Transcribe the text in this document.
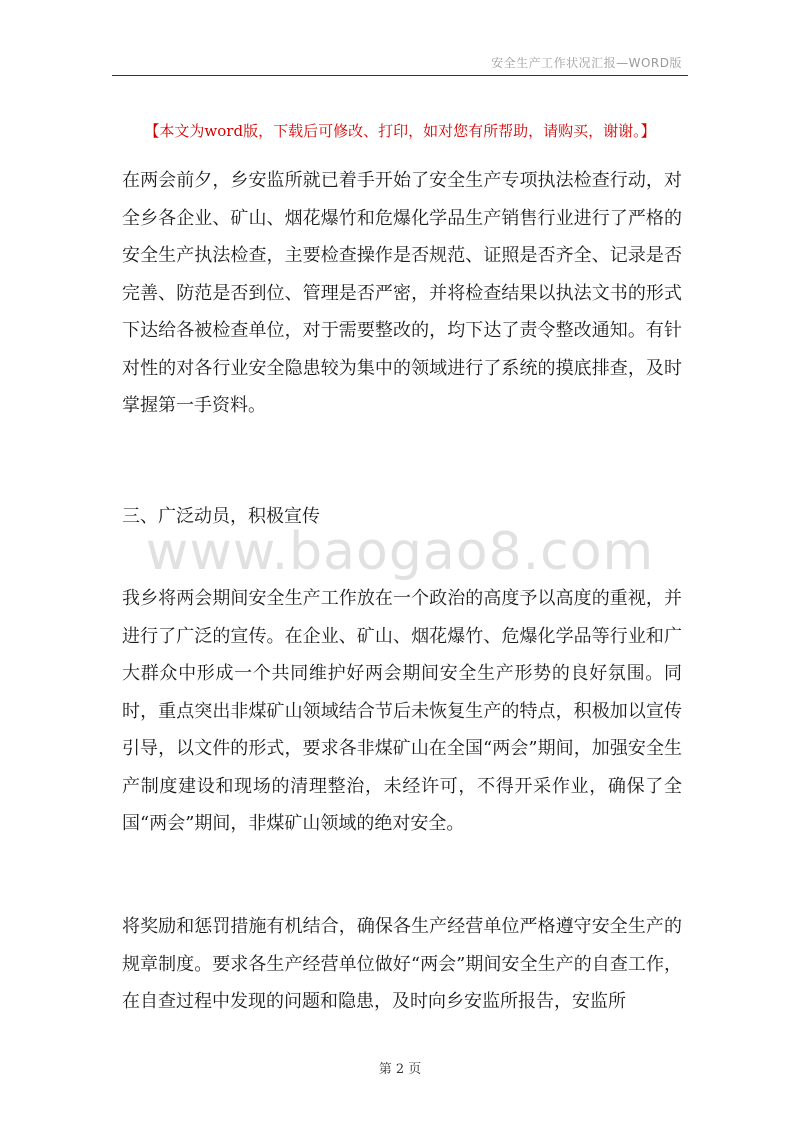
安全生产工作状况汇报—WORD版
【本文为word版，下载后可修改、打印，如对您有所帮助，请购买，谢谢。】

在两会前夕，乡安监所就已着手开始了安全生产专项执法检查行动，对全乡各企业、矿山、烟花爆竹和危爆化学品生产销售行业进行了严格的安全生产执法检查，主要检查操作是否规范、证照是否齐全、记录是否完善、防范是否到位、管理是否严密，并将检查结果以执法文书的形式下达给各被检查单位，对于需要整改的，均下达了责令整改通知。有针对性的对各行业安全隐患较为集中的领域进行了系统的摸底排查，及时掌握第一手资料。

三、广泛动员，积极宣传

我乡将两会期间安全生产工作放在一个政治的高度予以高度的重视，并进行了广泛的宣传。在企业、矿山、烟花爆竹、危爆化学品等行业和广大群众中形成一个共同维护好两会期间安全生产形势的良好氛围。同时，重点突出非煤矿山领域结合节后未恢复生产的特点，积极加以宣传引导，以文件的形式，要求各非煤矿山在全国“两会”期间，加强安全生产制度建设和现场的清理整治，未经许可，不得开采作业，确保了全国“两会”期间，非煤矿山领域的绝对安全。

将奖励和惩罚措施有机结合，确保各生产经营单位严格遵守安全生产的规章制度。要求各生产经营单位做好“两会”期间安全生产的自查工作，在自查过程中发现的问题和隐患，及时向乡安监所报告，安监所

www.baogao8.com
第 2 页
